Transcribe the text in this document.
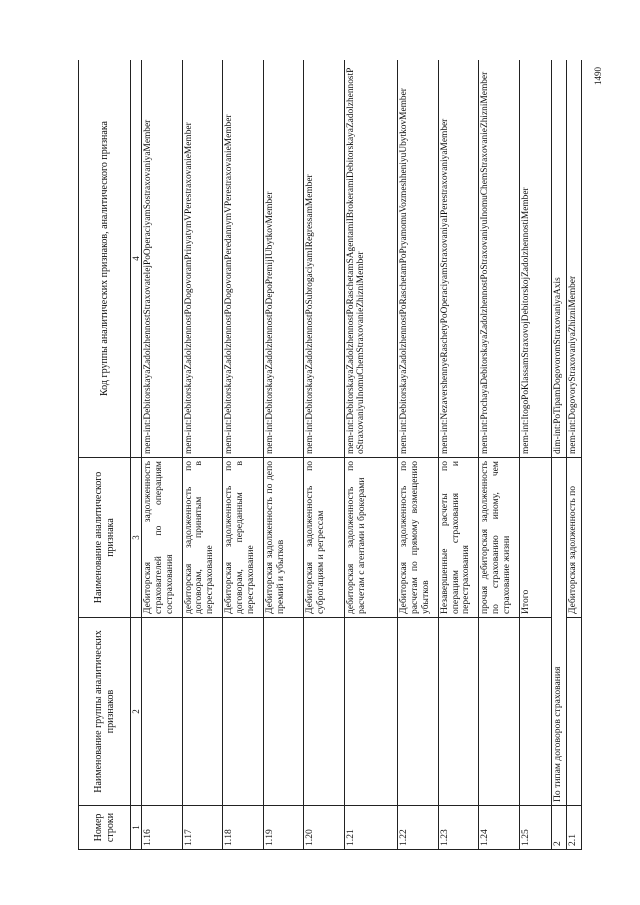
1490
Номер строки	Наименование группы аналитических признаков	Наименование аналитического признака	Код группы аналитических признаков, аналитического признака
1	2	3	4
1.16		Дебиторская задолженность страхователей по операциям сострахования	mem-int:DebitorskayaZadolzhennostStraxovatelejPoOperaciyamSostraxovaniyaMember
1.17		дебиторская задолженность по договорам, принятым в перестрахование	mem-int:DebitorskayaZadolzhennostPoDogovoramPrinyatymVPerestraxovanieMember
1.18		Дебиторская задолженность по договорам, переданным в перестрахование	mem-int:DebitorskayaZadolzhennostPoDogovoramPeredannymVPerestraxovanieMember
1.19		Дебиторская задолженность по депо премий и убытков	mem-int:DebitorskayaZadolzhennostPoDepoPremijIUbytkovMember
1.20		Дебиторская задолженность по суброгациям и регрессам	mem-int:DebitorskayaZadolzhennostPoSubrogaciyamIRegressamMember
1.21		дебиторская задолженность по расчетам с агентами и брокерами	mem-int:DebitorskayaZadolzhennostPoRaschetamSAgentamiIBrokeramiDebitorskayaZadolzhennostPoStraxovaniyuInomuChemStraxovanieZhizniMember
1.22		Дебиторская задолженность по расчетам по прямому возмещению убытков	mem-int:DebitorskayaZadolzhennostPoRaschetamPoPryamomuVozmeshheniyuUbytkovMember
1.23		Незавершенные расчеты по операциям страхования и перестрахования	mem-int:NezavershennyeRaschetyPoOperaciyamStraxovaniyaIPerestraxovaniyaMember
1.24		прочая дебиторская задолженность по страхованию иному, чем страхование жизни	mem-int:ProchayaDebitorskayaZadolzhennostPoStraxovaniyuInomuChemStraxovanieZhizniMember
1.25		Итого	mem-int:ItogoPoKlassamStraxovojDebitorskojZadolzhennostiMember
2	По типам договоров страхования		dim-int:PoTipamDogovoromStraxovaniyaAxis
2.1		Дебиторская задолженность по	mem-int:DogovoryStraxovaniyaZhizniMember
